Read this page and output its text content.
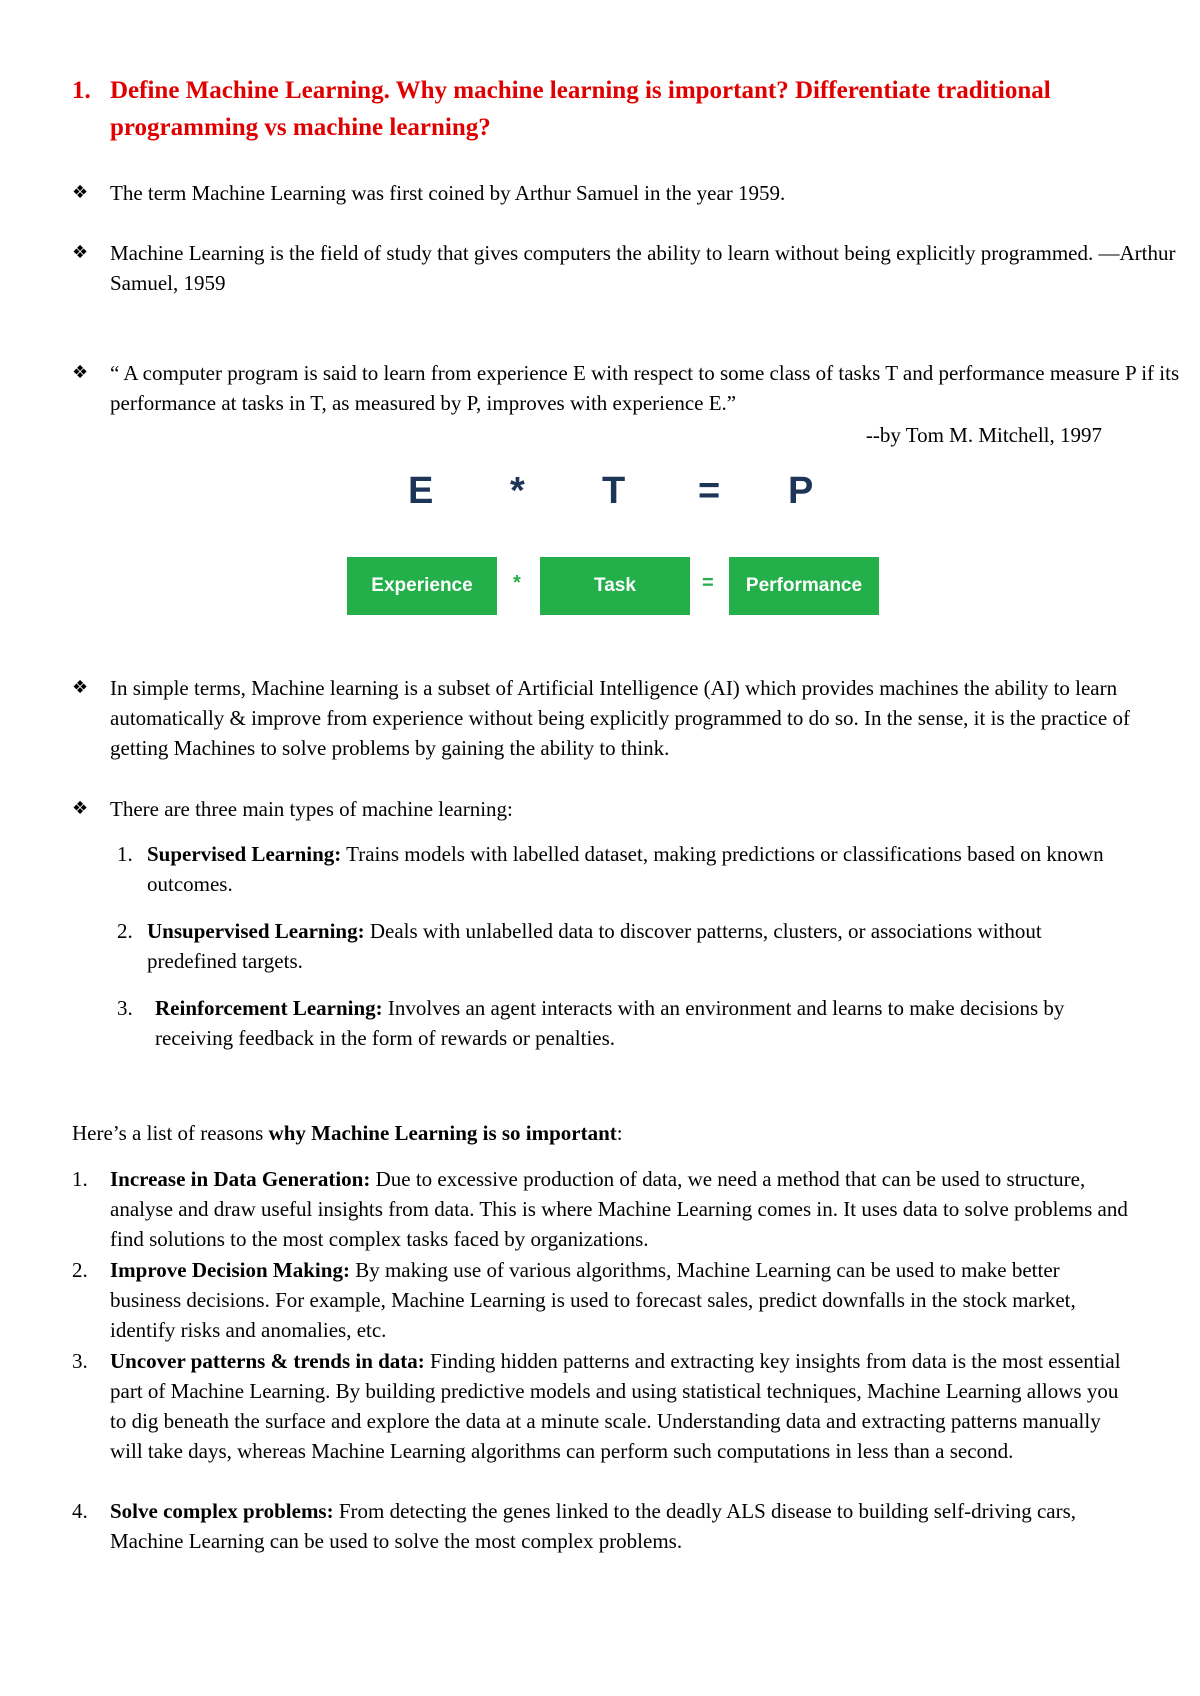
1. Define Machine Learning. Why machine learning is important? Differentiate traditional programming vs machine learning?
❖ The term Machine Learning was first coined by Arthur Samuel in the year 1959.
❖ Machine Learning is the field of study that gives computers the ability to learn without being explicitly programmed. —Arthur Samuel, 1959
❖ “ A computer program is said to learn from experience E with respect to some class of tasks T and performance measure P if its performance at tasks in T, as measured by P, improves with experience E.”
--by Tom M. Mitchell, 1997
E * T = P
Experience	*	Task	=	Performance
❖ In simple terms, Machine learning is a subset of Artificial Intelligence (AI) which provides machines the ability to learn automatically & improve from experience without being explicitly programmed to do so. In the sense, it is the practice of getting Machines to solve problems by gaining the ability to think.
❖ There are three main types of machine learning:
1. Supervised Learning: Trains models with labelled dataset, making predictions or classifications based on known outcomes.
2. Unsupervised Learning: Deals with unlabelled data to discover patterns, clusters, or associations without predefined targets.
3. Reinforcement Learning: Involves an agent interacts with an environment and learns to make decisions by receiving feedback in the form of rewards or penalties.
Here’s a list of reasons why Machine Learning is so important:
1. Increase in Data Generation: Due to excessive production of data, we need a method that can be used to structure, analyse and draw useful insights from data. This is where Machine Learning comes in. It uses data to solve problems and find solutions to the most complex tasks faced by organizations.
2. Improve Decision Making: By making use of various algorithms, Machine Learning can be used to make better business decisions. For example, Machine Learning is used to forecast sales, predict downfalls in the stock market, identify risks and anomalies, etc.
3. Uncover patterns & trends in data: Finding hidden patterns and extracting key insights from data is the most essential part of Machine Learning. By building predictive models and using statistical techniques, Machine Learning allows you to dig beneath the surface and explore the data at a minute scale. Understanding data and extracting patterns manually will take days, whereas Machine Learning algorithms can perform such computations in less than a second.
4. Solve complex problems: From detecting the genes linked to the deadly ALS disease to building self-driving cars, Machine Learning can be used to solve the most complex problems.
